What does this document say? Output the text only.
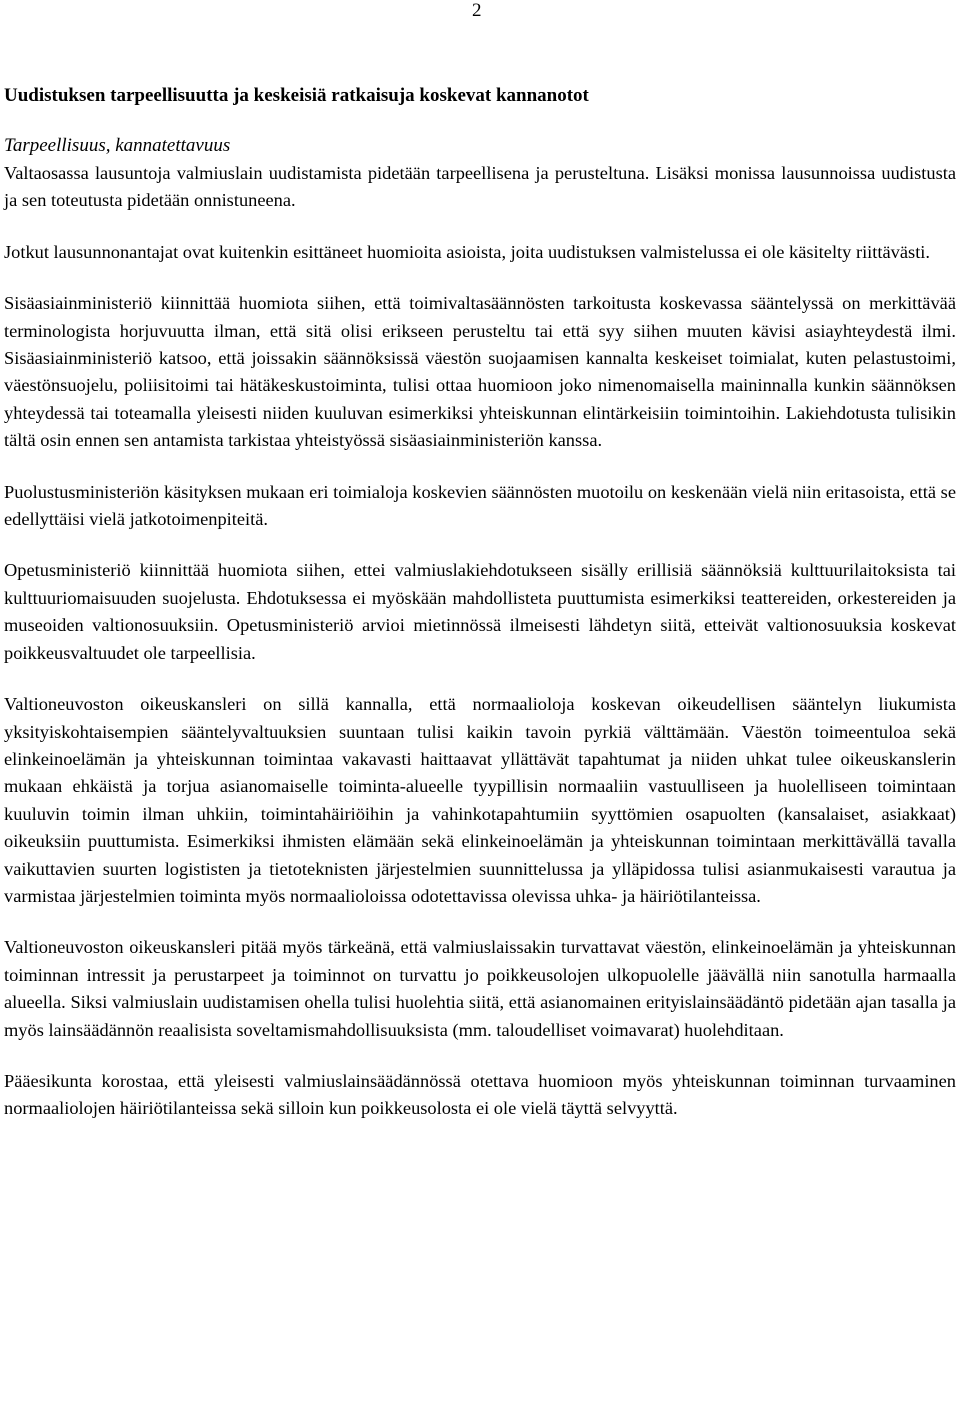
2
Uudistuksen tarpeellisuutta ja keskeisiä ratkaisuja koskevat kannanotot
Tarpeellisuus, kannatettavuus

Valtaosassa lausuntoja valmiuslain uudistamista pidetään tarpeellisena ja perusteltuna. Lisäksi monissa lausunnoissa uudistusta ja sen toteutusta pidetään onnistuneena.

Jotkut lausunnonantajat ovat kuitenkin esittäneet huomioita asioista, joita uudistuksen valmistelussa ei ole käsitelty riittävästi.

Sisäasiainministeriö kiinnittää huomiota siihen, että toimivaltasäännösten tarkoitusta koskevassa sääntelyssä on merkittävää terminologista horjuvuutta ilman, että sitä olisi erikseen perusteltu tai että syy siihen muuten kävisi asiayhteydestä ilmi. Sisäasiainministeriö katsoo, että joissakin säännöksissä väestön suojaamisen kannalta keskeiset toimialat, kuten pelastustoimi, väestönsuojelu, poliisitoimi tai hätäkeskustoiminta, tulisi ottaa huomioon joko nimenomaisella maininnalla kunkin säännöksen yhteydessä tai toteamalla yleisesti niiden kuuluvan esimerkiksi yhteiskunnan elintärkeisiin toimintoihin. Lakiehdotusta tulisikin tältä osin ennen sen antamista tarkistaa yhteistyössä sisäasiainministeriön kanssa.

Puolustusministeriön käsityksen mukaan eri toimialoja koskevien säännösten muotoilu on keskenään vielä niin eritasoista, että se edellyttäisi vielä jatkotoimenpiteitä.

Opetusministeriö kiinnittää huomiota siihen, ettei valmiuslakiehdotukseen sisälly erillisiä säännöksiä kulttuurilaitoksista tai kulttuuriomaisuuden suojelusta. Ehdotuksessa ei myöskään mahdollisteta puuttumista esimerkiksi teattereiden, orkestereiden ja museoiden valtionosuuksiin. Opetusministeriö arvioi mietinnössä ilmeisesti lähdetyn siitä, etteivät valtionosuuksia koskevat poikkeusvaltuudet ole tarpeellisia.

Valtioneuvoston oikeuskansleri on sillä kannalla, että normaalioloja koskevan oikeudellisen sääntelyn liukumista yksityiskohtaisempien sääntelyvaltuuksien suuntaan tulisi kaikin tavoin pyrkiä välttämään. Väestön toimeentuloa sekä elinkeinoelämän ja yhteiskunnan toimintaa vakavasti haittaavat yllättävät tapahtumat ja niiden uhkat tulee oikeuskanslerin mukaan ehkäistä ja torjua asianomaiselle toiminta-alueelle tyypillisin normaaliin vastuulliseen ja huolelliseen toimintaan kuuluvin toimin ilman uhkiin, toimintahäiriöihin ja vahinkotapahtumiin syyttömien osapuolten (kansalaiset, asiakkaat) oikeuksiin puuttumista. Esimerkiksi ihmisten elämään sekä elinkeinoelämän ja yhteiskunnan toimintaan merkittävällä tavalla vaikuttavien suurten logististen ja tietoteknisten järjestelmien suunnittelussa ja ylläpidossa tulisi asianmukaisesti varautua ja varmistaa järjestelmien toiminta myös normaalioloissa odotettavissa olevissa uhka- ja häiriötilanteissa.

Valtioneuvoston oikeuskansleri pitää myös tärkeänä, että valmiuslaissakin turvattavat väestön, elinkeinoelämän ja yhteiskunnan toiminnan intressit ja perustarpeet ja toiminnot on turvattu jo poikkeusolojen ulkopuolelle jäävällä niin sanotulla harmaalla alueella. Siksi valmiuslain uudistamisen ohella tulisi huolehtia siitä, että asianomainen erityislainsäädäntö pidetään ajan tasalla ja myös lainsäädännön reaalisista soveltamismahdollisuuksista (mm. taloudelliset voimavarat) huolehditaan.

Pääesikunta korostaa, että yleisesti valmiuslainsäädännössä otettava huomioon myös yhteiskunnan toiminnan turvaaminen normaaliolojen häiriötilanteissa sekä silloin kun poikkeusolosta ei ole vielä täyttä selvyyttä.
